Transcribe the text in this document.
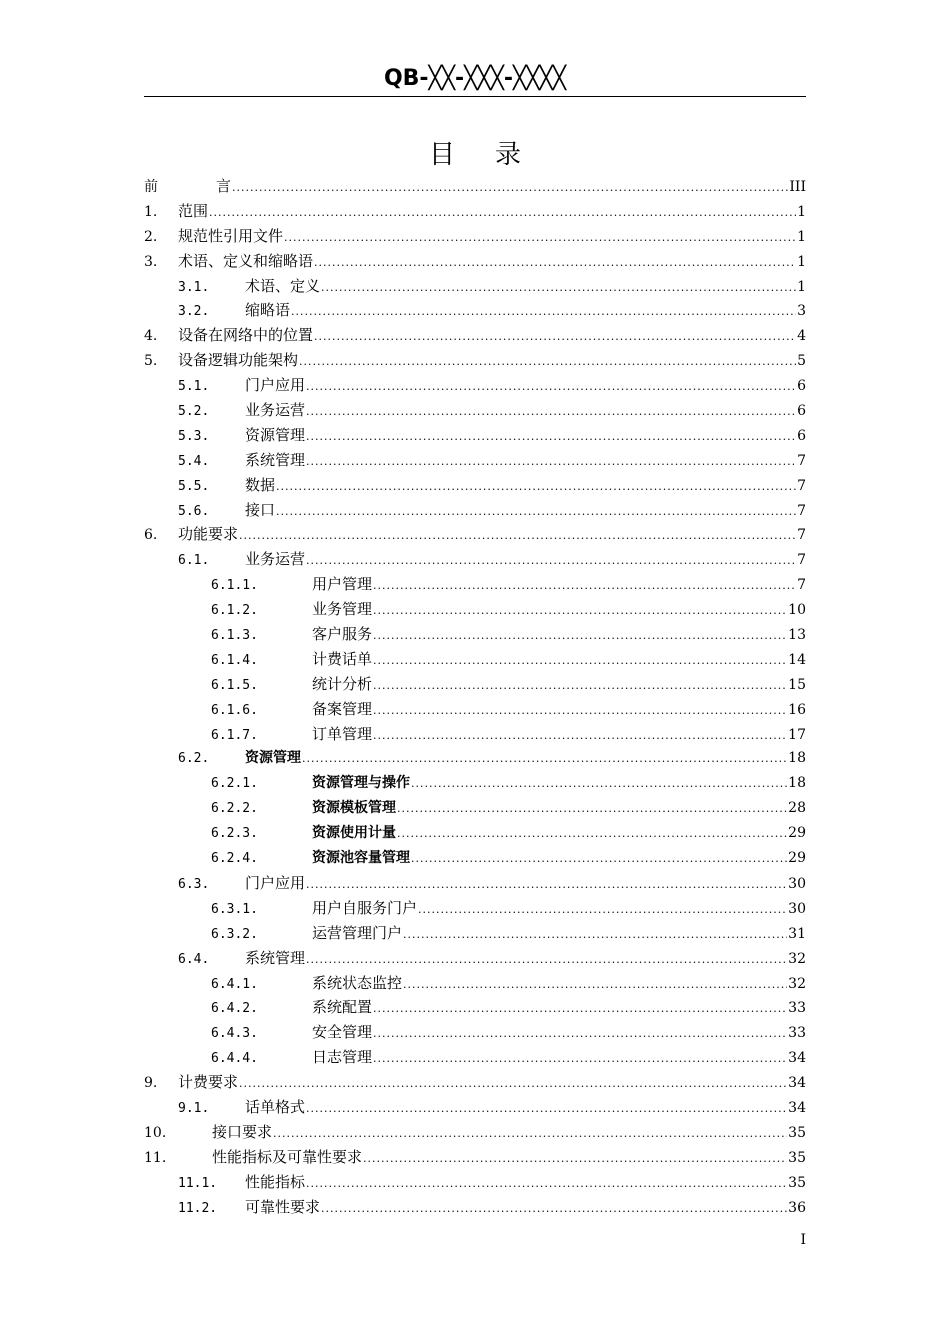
QB-╳╳-╳╳╳-╳╳╳╳
目录
前	言 .....	III
1.	范围 .....	1
2.	规范性引用文件 .....	1
3.	术语、定义和缩略语 .....	1
3.1.	术语、定义 .....	1
3.2.	缩略语 .....	3
4.	设备在网络中的位置 .....	4
5.	设备逻辑功能架构 .....	5
5.1.	门户应用 .....	6
5.2.	业务运营 .....	6
5.3.	资源管理 .....	6
5.4.	系统管理 .....	7
5.5.	数据 .....	7
5.6.	接口 .....	7
6.	功能要求 .....	7
6.1.	业务运营 .....	7
6.1.1.	用户管理 .....	7
6.1.2.	业务管理 .....	10
6.1.3.	客户服务 .....	13
6.1.4.	计费话单 .....	14
6.1.5.	统计分析 .....	15
6.1.6.	备案管理 .....	16
6.1.7.	订单管理 .....	17
6.2.	资源管理 .....	18
6.2.1.	资源管理与操作 .....	18
6.2.2.	资源模板管理 .....	28
6.2.3.	资源使用计量 .....	29
6.2.4.	资源池容量管理 .....	29
6.3.	门户应用 .....	30
6.3.1.	用户自服务门户 .....	30
6.3.2.	运营管理门户 .....	31
6.4.	系统管理 .....	32
6.4.1.	系统状态监控 .....	32
6.4.2.	系统配置 .....	33
6.4.3.	安全管理 .....	33
6.4.4.	日志管理 .....	34
9.	计费要求 .....	34
9.1.	话单格式 .....	34
10.	接口要求 .....	35
11.	性能指标及可靠性要求 .....	35
11.1.	性能指标 .....	35
11.2.	可靠性要求 .....	36
I
